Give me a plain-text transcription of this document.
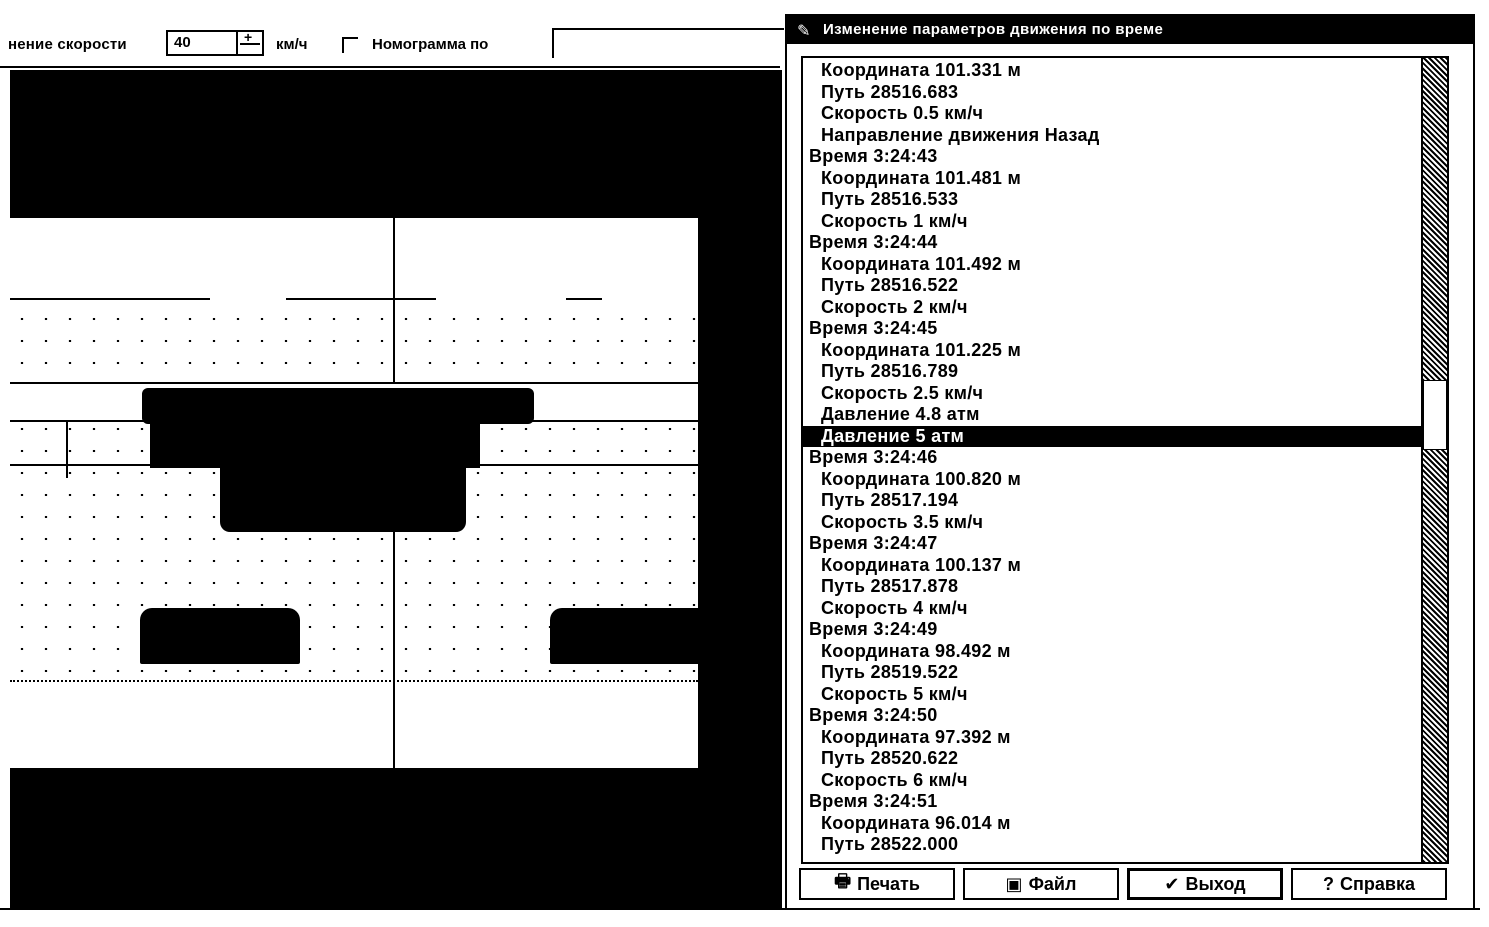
нение скорости	40
+	км/ч	Номограмма по
✎ Изменение параметров движения по време
Координата 101.331 м
Путь 28516.683
Скорость 0.5 км/ч
Направление движения Назад
Время 3:24:43
Координата 101.481 м
Путь 28516.533
Скорость 1 км/ч
Время 3:24:44
Координата 101.492 м
Путь 28516.522
Скорость 2 км/ч
Время 3:24:45
Координата 101.225 м
Путь 28516.789
Скорость 2.5 км/ч
Давление 4.8 атм
Давление 5 атм
Время 3:24:46
Координата 100.820 м
Путь 28517.194
Скорость 3.5 км/ч
Время 3:24:47
Координата 100.137 м
Путь 28517.878
Скорость 4 км/ч
Время 3:24:49
Координата 98.492 м
Путь 28519.522
Скорость 5 км/ч
Время 3:24:50
Координата 97.392 м
Путь 28520.622
Скорость 6 км/ч
Время 3:24:51
Координата 96.014 м
Путь 28522.000
🖶 Печать	▣ Файл	✔ Выход	? Справка
